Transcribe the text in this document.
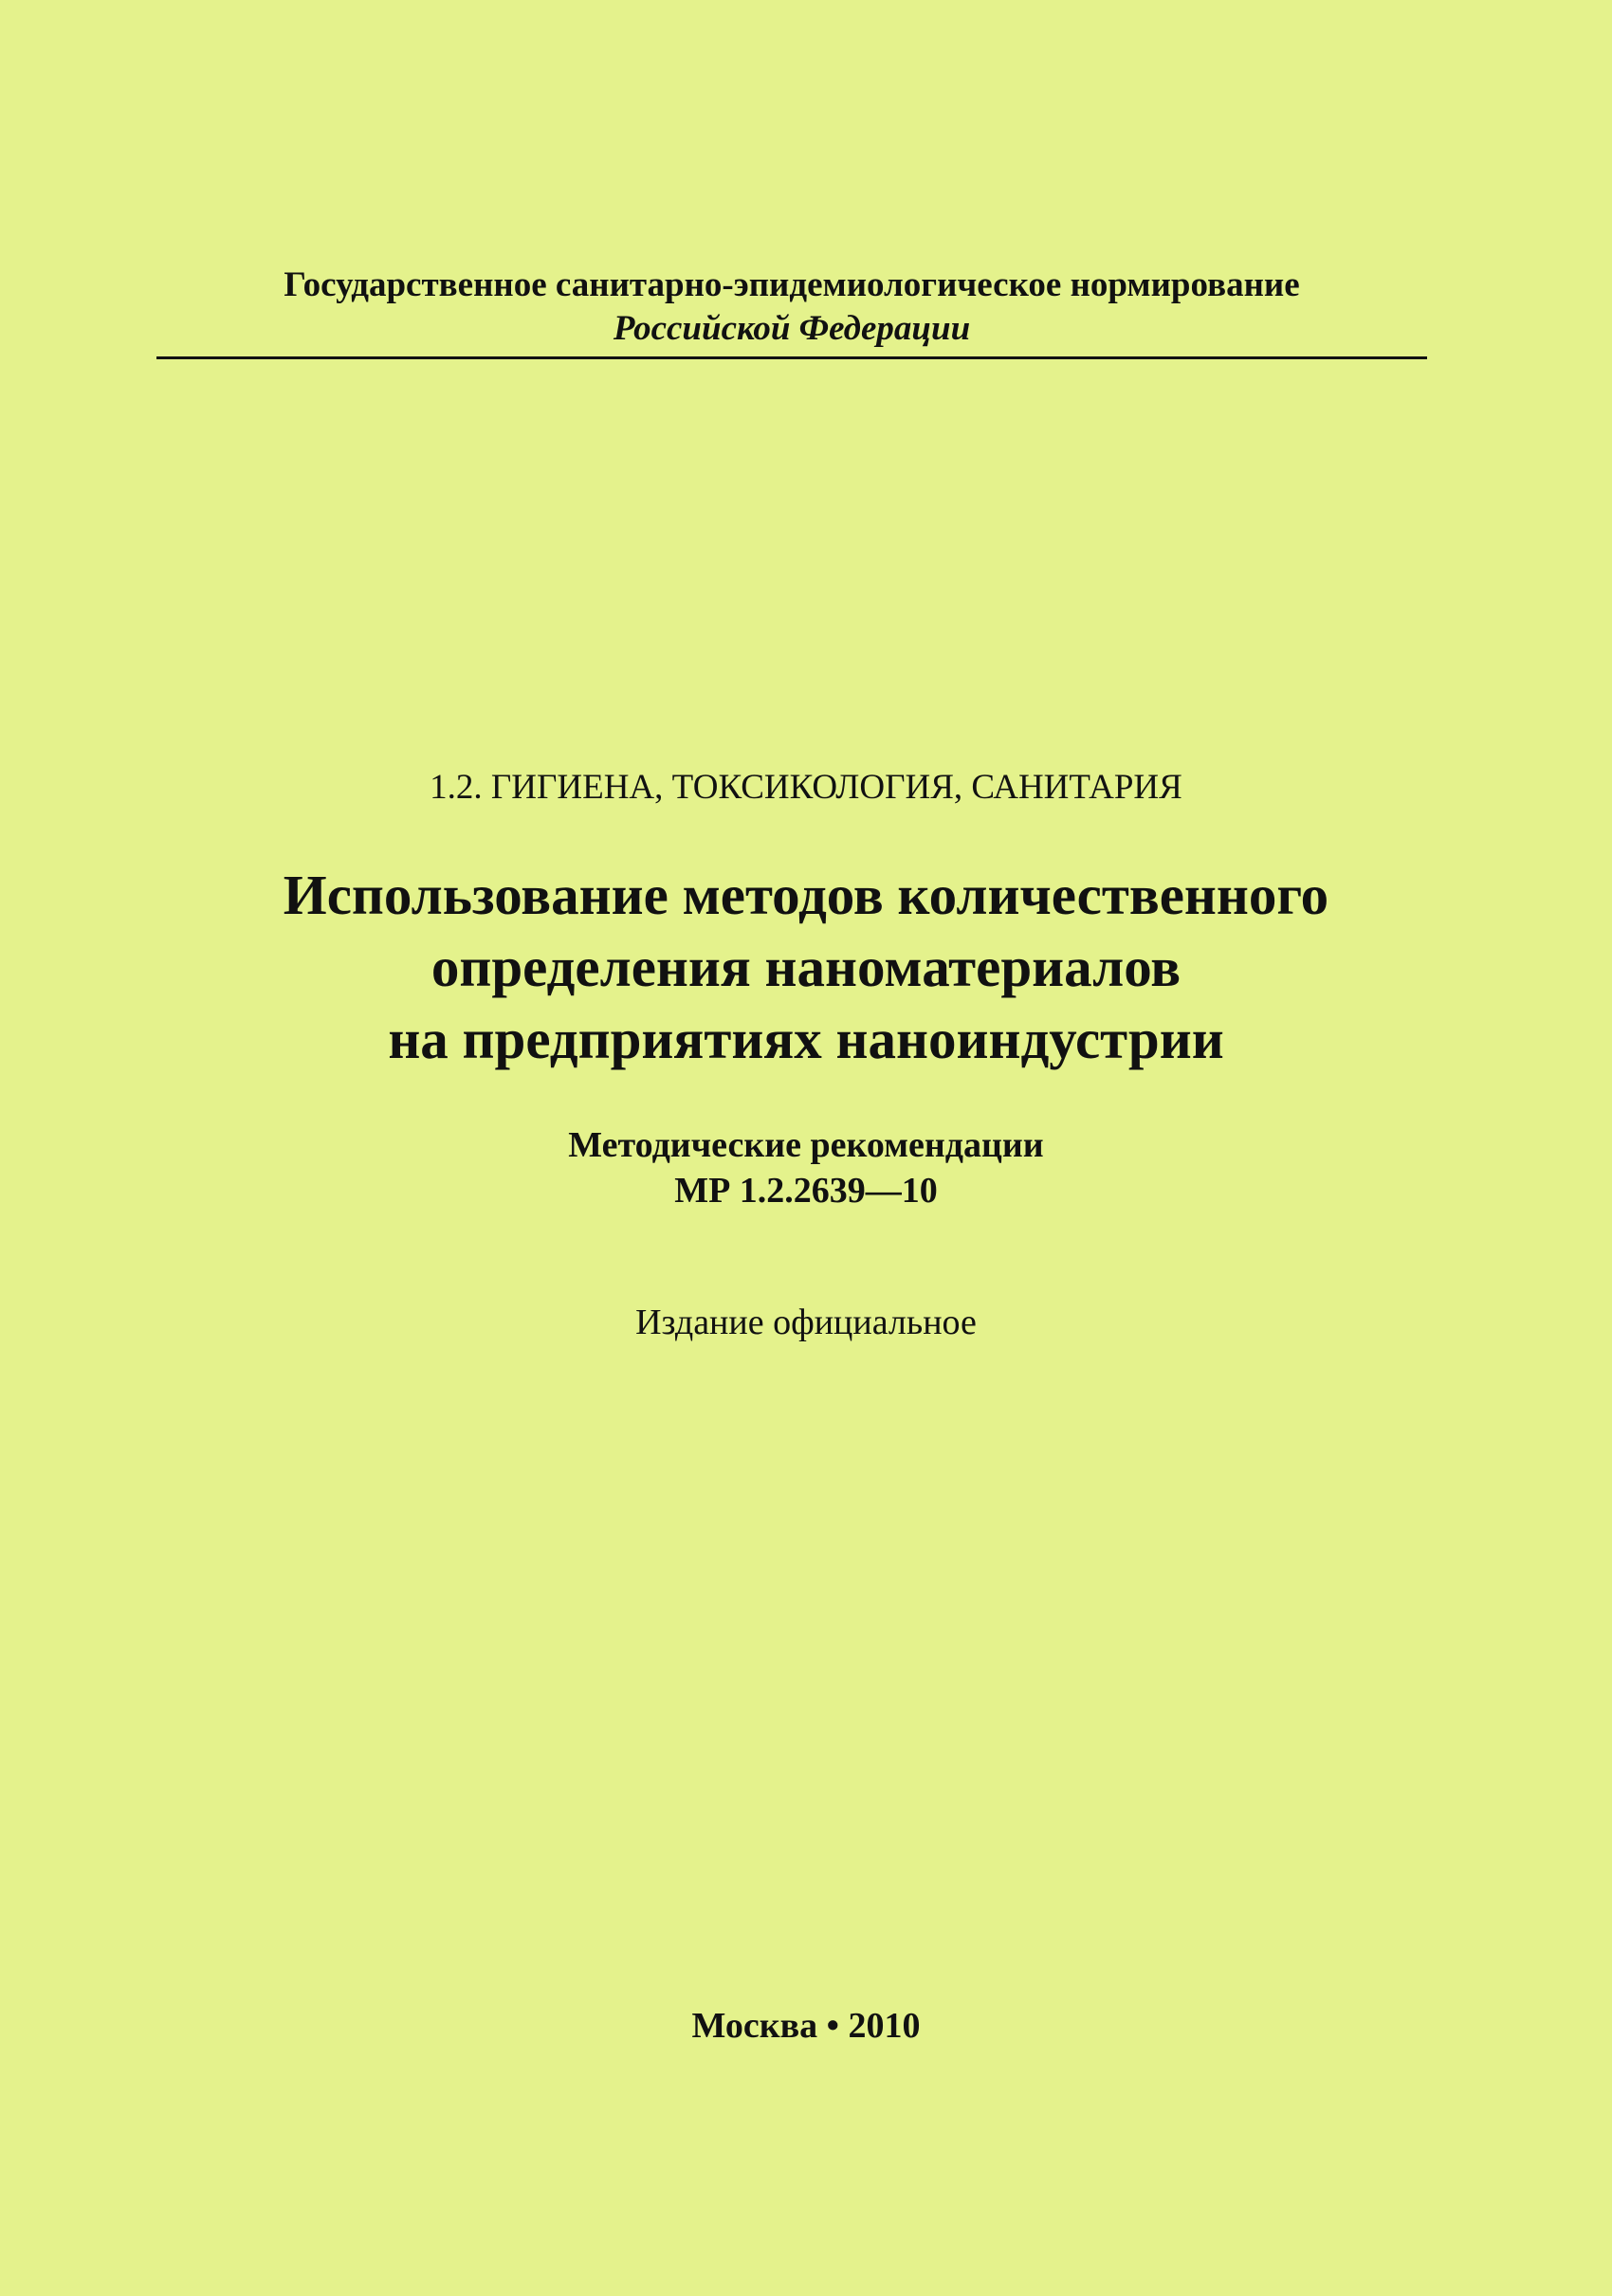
Государственное санитарно-эпидемиологическое нормирование
Российской Федерации
1.2. ГИГИЕНА, ТОКСИКОЛОГИЯ, САНИТАРИЯ
Использование методов количественного
определения наноматериалов
на предприятиях наноиндустрии
Методические рекомендации
МР 1.2.2639—10
Издание официальное
Москва • 2010
